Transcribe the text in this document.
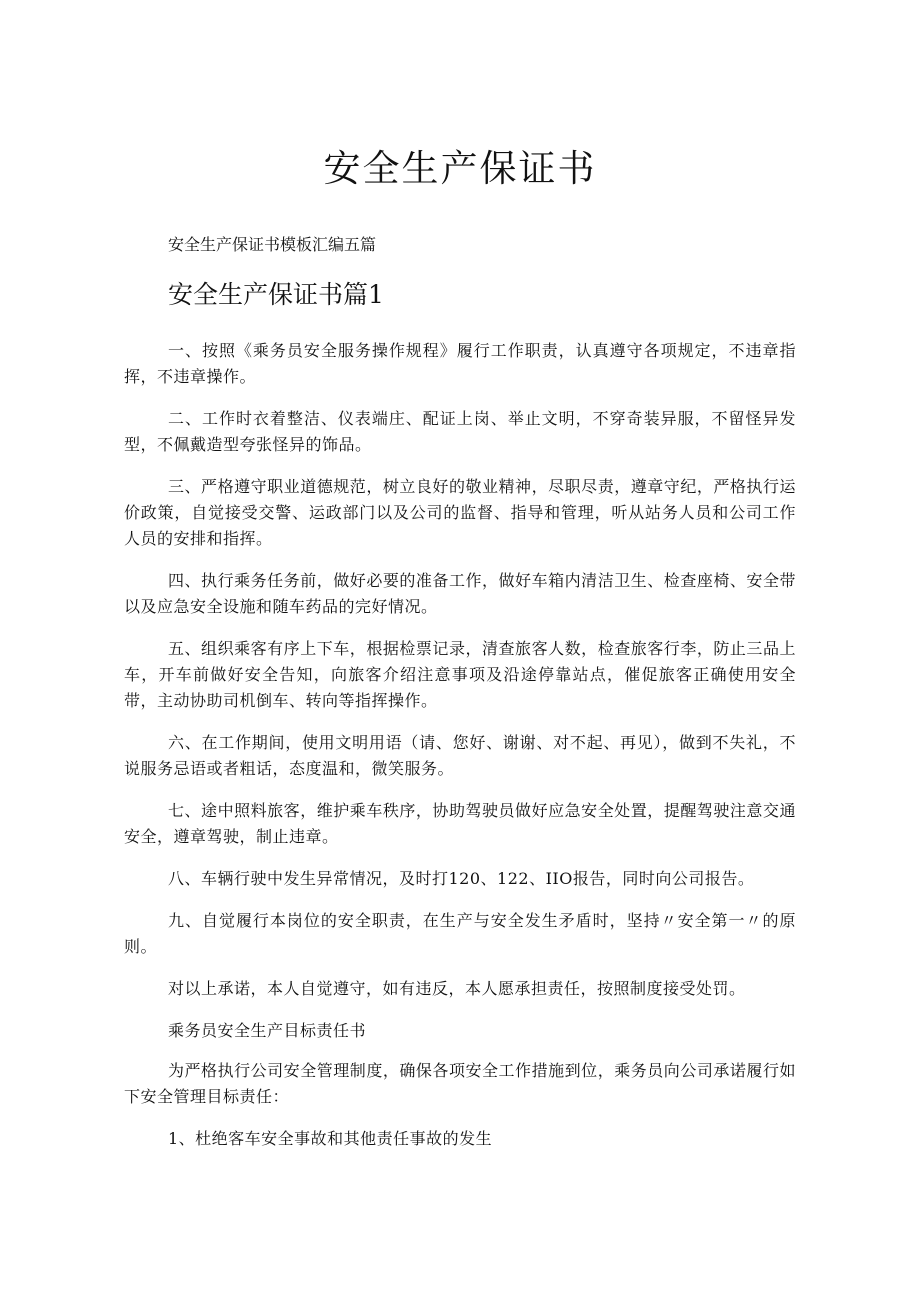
安全生产保证书

安全生产保证书模板汇编五篇

安全生产保证书篇1

一、按照《乘务员安全服务操作规程》履行工作职责，认真遵守各项规定，不违章指挥，不违章操作。

二、工作时衣着整洁、仪表端庄、配证上岗、举止文明，不穿奇装异服，不留怪异发型，不佩戴造型夸张怪异的饰品。

三、严格遵守职业道德规范，树立良好的敬业精神，尽职尽责，遵章守纪，严格执行运价政策，自觉接受交警、运政部门以及公司的监督、指导和管理，听从站务人员和公司工作人员的安排和指挥。

四、执行乘务任务前，做好必要的准备工作，做好车箱内清洁卫生、检查座椅、安全带以及应急安全设施和随车药品的完好情况。

五、组织乘客有序上下车，根据检票记录，清查旅客人数，检查旅客行李，防止三品上车，开车前做好安全告知，向旅客介绍注意事项及沿途停靠站点，催促旅客正确使用安全带，主动协助司机倒车、转向等指挥操作。

六、在工作期间，使用文明用语（请、您好、谢谢、对不起、再见），做到不失礼，不说服务忌语或者粗话，态度温和，微笑服务。

七、途中照料旅客，维护乘车秩序，协助驾驶员做好应急安全处置，提醒驾驶注意交通安全，遵章驾驶，制止违章。

八、车辆行驶中发生异常情况，及时打120、122、IIO报告，同时向公司报告。

九、自觉履行本岗位的安全职责，在生产与安全发生矛盾时，坚持〃安全第一〃的原则。

对以上承诺，本人自觉遵守，如有违反，本人愿承担责任，按照制度接受处罚。

乘务员安全生产目标责任书

为严格执行公司安全管理制度，确保各项安全工作措施到位，乘务员向公司承诺履行如下安全管理目标责任：

1、杜绝客车安全事故和其他责任事故的发生
